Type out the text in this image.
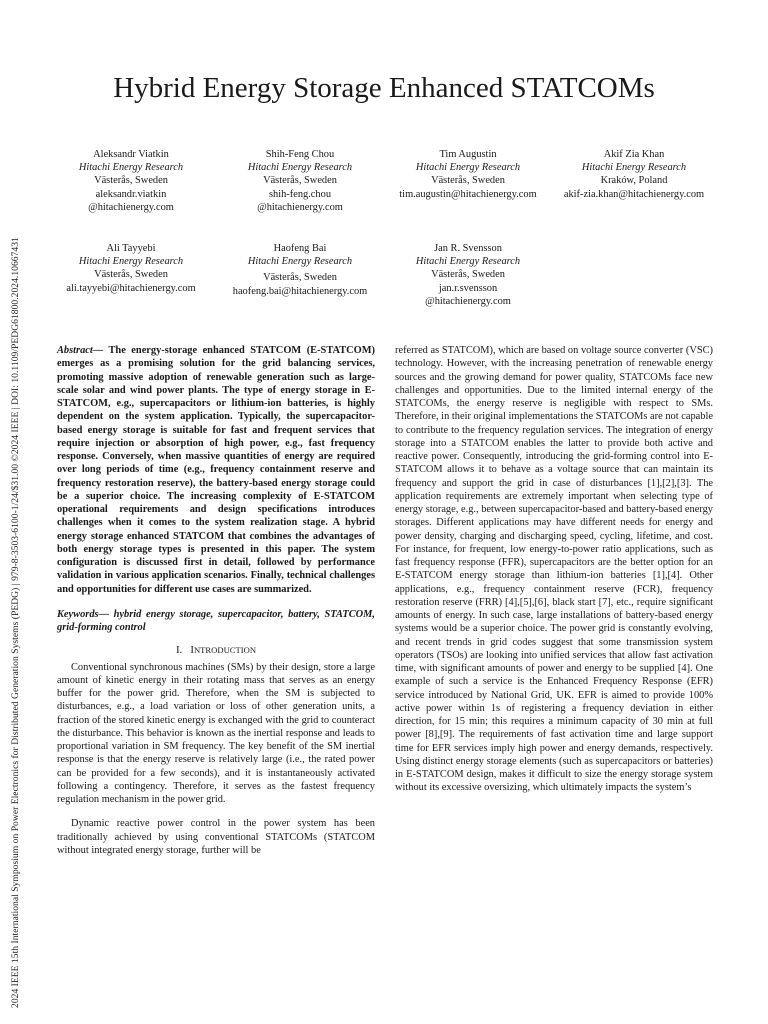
2024 IEEE 15th International Symposium on Power Electronics for Distributed Generation Systems (PEDG) | 979-8-3503-6100-1/24/$31.00 ©2024 IEEE | DOI: 10.1109/PEDG61800.2024.10667431
Hybrid Energy Storage Enhanced STATCOMs
Aleksandr Viatkin
Hitachi Energy Research
Västerås, Sweden
aleksandr.viatkin
@hitachienergy.com
Shih-Feng Chou
Hitachi Energy Research
Västerås, Sweden
shih-feng.chou
@hitachienergy.com
Tim Augustin
Hitachi Energy Research
Västerås, Sweden
tim.augustin@hitachienergy.com
Akif Zia Khan
Hitachi Energy Research
Kraków, Poland
akif-zia.khan@hitachienergy.com
Ali Tayyebi
Hitachi Energy Research
Västerås, Sweden
ali.tayyebi@hitachienergy.com
Haofeng Bai
Hitachi Energy Research
Västerås, Sweden
haofeng.bai@hitachienergy.com
Jan R. Svensson
Hitachi Energy Research
Västerås, Sweden
jan.r.svensson
@hitachienergy.com

Abstract— The energy-storage enhanced STATCOM (E-STATCOM) emerges as a promising solution for the grid balancing services, promoting massive adoption of renewable generation such as large-scale solar and wind power plants. The type of energy storage in E-STATCOM, e.g., supercapacitors or lithium-ion batteries, is highly dependent on the system application. Typically, the supercapacitor-based energy storage is suitable for fast and frequent services that require injection or absorption of high power, e.g., fast frequency response. Conversely, when massive quantities of energy are required over long periods of time (e.g., frequency containment reserve and frequency restoration reserve), the battery-based energy storage could be a superior choice. The increasing complexity of E-STATCOM operational requirements and design specifications introduces challenges when it comes to the system realization stage. A hybrid energy storage enhanced STATCOM that combines the advantages of both energy storage types is presented in this paper. The system configuration is discussed first in detail, followed by performance validation in various application scenarios. Finally, technical challenges and opportunities for different use cases are summarized.

Keywords— hybrid energy storage, supercapacitor, battery, STATCOM, grid-forming control

I. INTRODUCTION

Conventional synchronous machines (SMs) by their design, store a large amount of kinetic energy in their rotating mass that serves as an energy buffer for the power grid. Therefore, when the SM is subjected to disturbances, e.g., a load variation or loss of other generation units, a fraction of the stored kinetic energy is exchanged with the grid to counteract the disturbance. This behavior is known as the inertial response and leads to proportional variation in SM frequency. The key benefit of the SM inertial response is that the energy reserve is relatively large (i.e., the rated power can be provided for a few seconds), and it is instantaneously activated following a contingency. Therefore, it serves as the fastest frequency regulation mechanism in the power grid.

Dynamic reactive power control in the power system has been traditionally achieved by using conventional STATCOMs (STATCOM without integrated energy storage, further will be

referred as STATCOM), which are based on voltage source converter (VSC) technology. However, with the increasing penetration of renewable energy sources and the growing demand for power quality, STATCOMs face new challenges and opportunities. Due to the limited internal energy of the STATCOMs, the energy reserve is negligible with respect to SMs. Therefore, in their original implementations the STATCOMs are not capable to contribute to the frequency regulation services. The integration of energy storage into a STATCOM enables the latter to provide both active and reactive power. Consequently, introducing the grid-forming control into E-STATCOM allows it to behave as a voltage source that can maintain its frequency and support the grid in case of disturbances [1],[2],[3]. The application requirements are extremely important when selecting type of energy storage, e.g., between supercapacitor-based and battery-based energy storages. Different applications may have different needs for energy and power density, charging and discharging speed, cycling, lifetime, and cost. For instance, for frequent, low energy-to-power ratio applications, such as fast frequency response (FFR), supercapacitors are the better option for an E-STATCOM energy storage than lithium-ion batteries [1],[4]. Other applications, e.g., frequency containment reserve (FCR), frequency restoration reserve (FRR) [4],[5],[6], black start [7], etc., require significant amounts of energy. In such case, large installations of battery-based energy systems would be a superior choice. The power grid is constantly evolving, and recent trends in grid codes suggest that some transmission system operators (TSOs) are looking into unified services that allow fast activation time, with significant amounts of power and energy to be supplied [4]. One example of such a service is the Enhanced Frequency Response (EFR) service introduced by National Grid, UK. EFR is aimed to provide 100% active power within 1s of registering a frequency deviation in either direction, for 15 min; this requires a minimum capacity of 30 min at full power [8],[9]. The requirements of fast activation time and large support time for EFR services imply high power and energy demands, respectively. Using distinct energy storage elements (such as supercapacitors or batteries) in E-STATCOM design, makes it difficult to size the energy storage system without its excessive oversizing, which ultimately impacts the system’s
